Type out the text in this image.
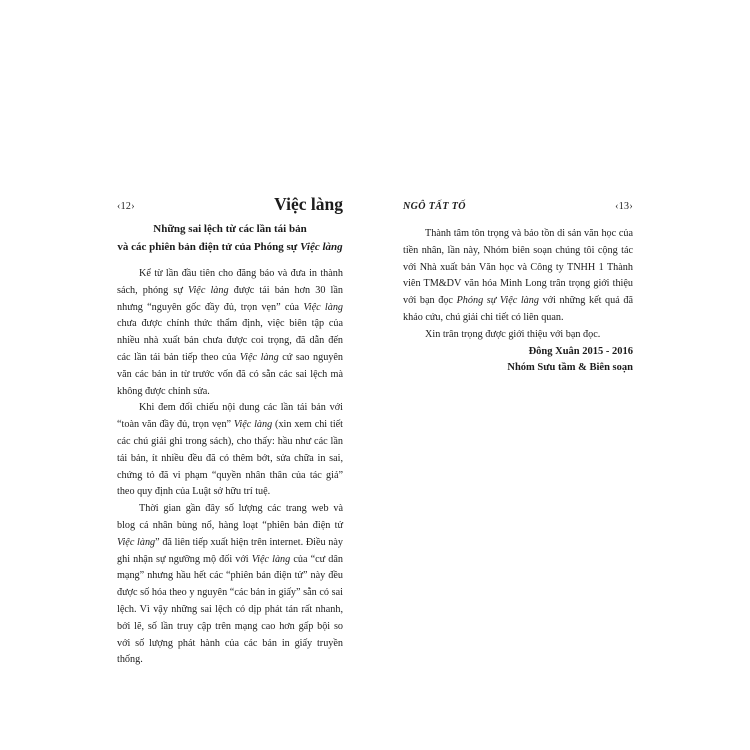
‹12›	Việc làng
Những sai lệch từ các lần tái bản
và các phiên bản điện tử của Phóng sự Việc làng

Kể từ lần đầu tiên cho đăng báo và đưa in thành sách, phóng sự Việc làng được tái bản hơn 30 lần nhưng “nguyên gốc đầy đủ, trọn vẹn” của Việc làng chưa được chính thức thẩm định, việc biên tập của nhiều nhà xuất bản chưa được coi trọng, đã dẫn đến các lần tái bản tiếp theo của Việc làng cứ sao nguyên văn các bản in từ trước vốn đã có sẵn các sai lệch mà không được chỉnh sửa.

Khi đem đối chiếu nội dung các lần tái bản với “toàn văn đầy đủ, trọn vẹn” Việc làng (xin xem chi tiết các chú giải ghi trong sách), cho thấy: hầu như các lần tái bản, ít nhiều đều đã có thêm bớt, sửa chữa in sai, chứng tỏ đã vi phạm “quyền nhân thân của tác giả” theo quy định của Luật sở hữu trí tuệ.

Thời gian gần đây số lượng các trang web và blog cá nhân bùng nổ, hàng loạt “phiên bản điện tử Việc làng” đã liên tiếp xuất hiện trên internet. Điều này ghi nhận sự ngưỡng mộ đối với Việc làng của “cư dân mạng” nhưng hầu hết các “phiên bản điện tử” này đều được số hóa theo y nguyên “các bản in giấy” sẵn có sai lệch. Vì vậy những sai lệch có dịp phát tán rất nhanh, bởi lẽ, số lần truy cập trên mạng cao hơn gấp bội so với số lượng phát hành của các bản in giấy truyền thống.

NGÔ TẤT TỐ	‹13›

Thành tâm tôn trọng và bảo tồn di sản văn học của tiền nhân, lần này, Nhóm biên soạn chúng tôi cộng tác với Nhà xuất bản Văn học và Công ty TNHH 1 Thành viên TM&DV văn hóa Minh Long trân trọng giới thiệu với bạn đọc Phóng sự Việc làng với những kết quả đã khảo cứu, chú giải chi tiết có liên quan.

Xin trân trọng được giới thiệu với bạn đọc.

Đông Xuân 2015 - 2016

Nhóm Sưu tầm & Biên soạn
